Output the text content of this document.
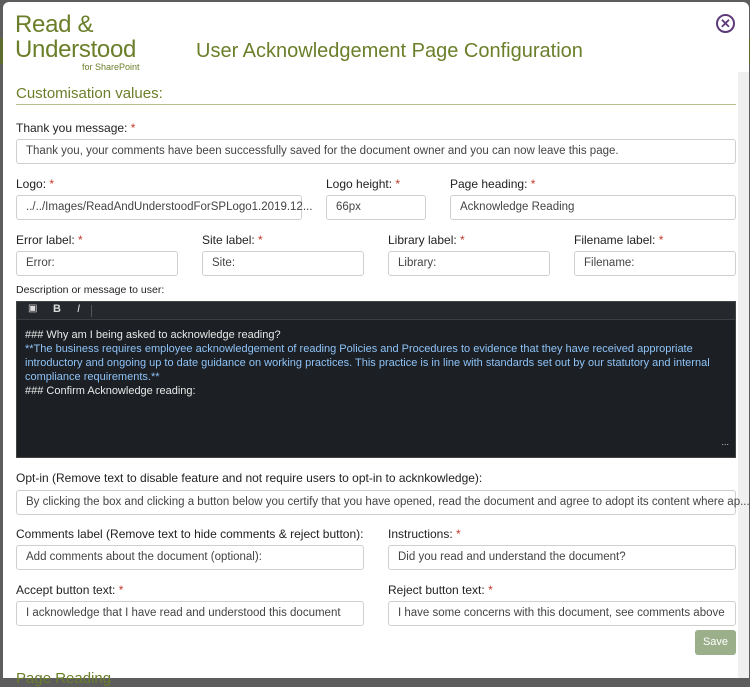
Read &
Understood
for SharePoint
User Acknowledgement Page Configuration
✕
Customisation values:
Thank you message: *
Thank you, your comments have been successfully saved for the document owner and you can now leave this page.
Logo: *
../../Images/ReadAndUnderstoodForSPLogo1.2019.12...
Logo height: *
66px
Page heading: *
Acknowledge Reading
Error label: *
Error:
Site label: *
Site:
Library label: *
Library:
Filename label: *
Filename:
Description or message to user:
▣ B I
### Why am I being asked to acknowledge reading?
**The business requires employee acknowledgement of reading Policies and Procedures to evidence that they have received appropriate introductory and ongoing up to date guidance on working practices. This practice is in line with standards set out by our statutory and internal compliance requirements.**
### Confirm Acknowledge reading:
...
Opt-in (Remove text to disable feature and not require users to opt-in to acknkowledge):
By clicking the box and clicking a button below you certify that you have opened, read the document and agree to adopt its content where ap...
Comments label (Remove text to hide comments & reject button):
Add comments about the document (optional):
Instructions: *
Did you read and understand the document?
Accept button text: *
I acknowledge that I have read and understood this document
Reject button text: *
I have some concerns with this document, see comments above
Save
Page Reading
